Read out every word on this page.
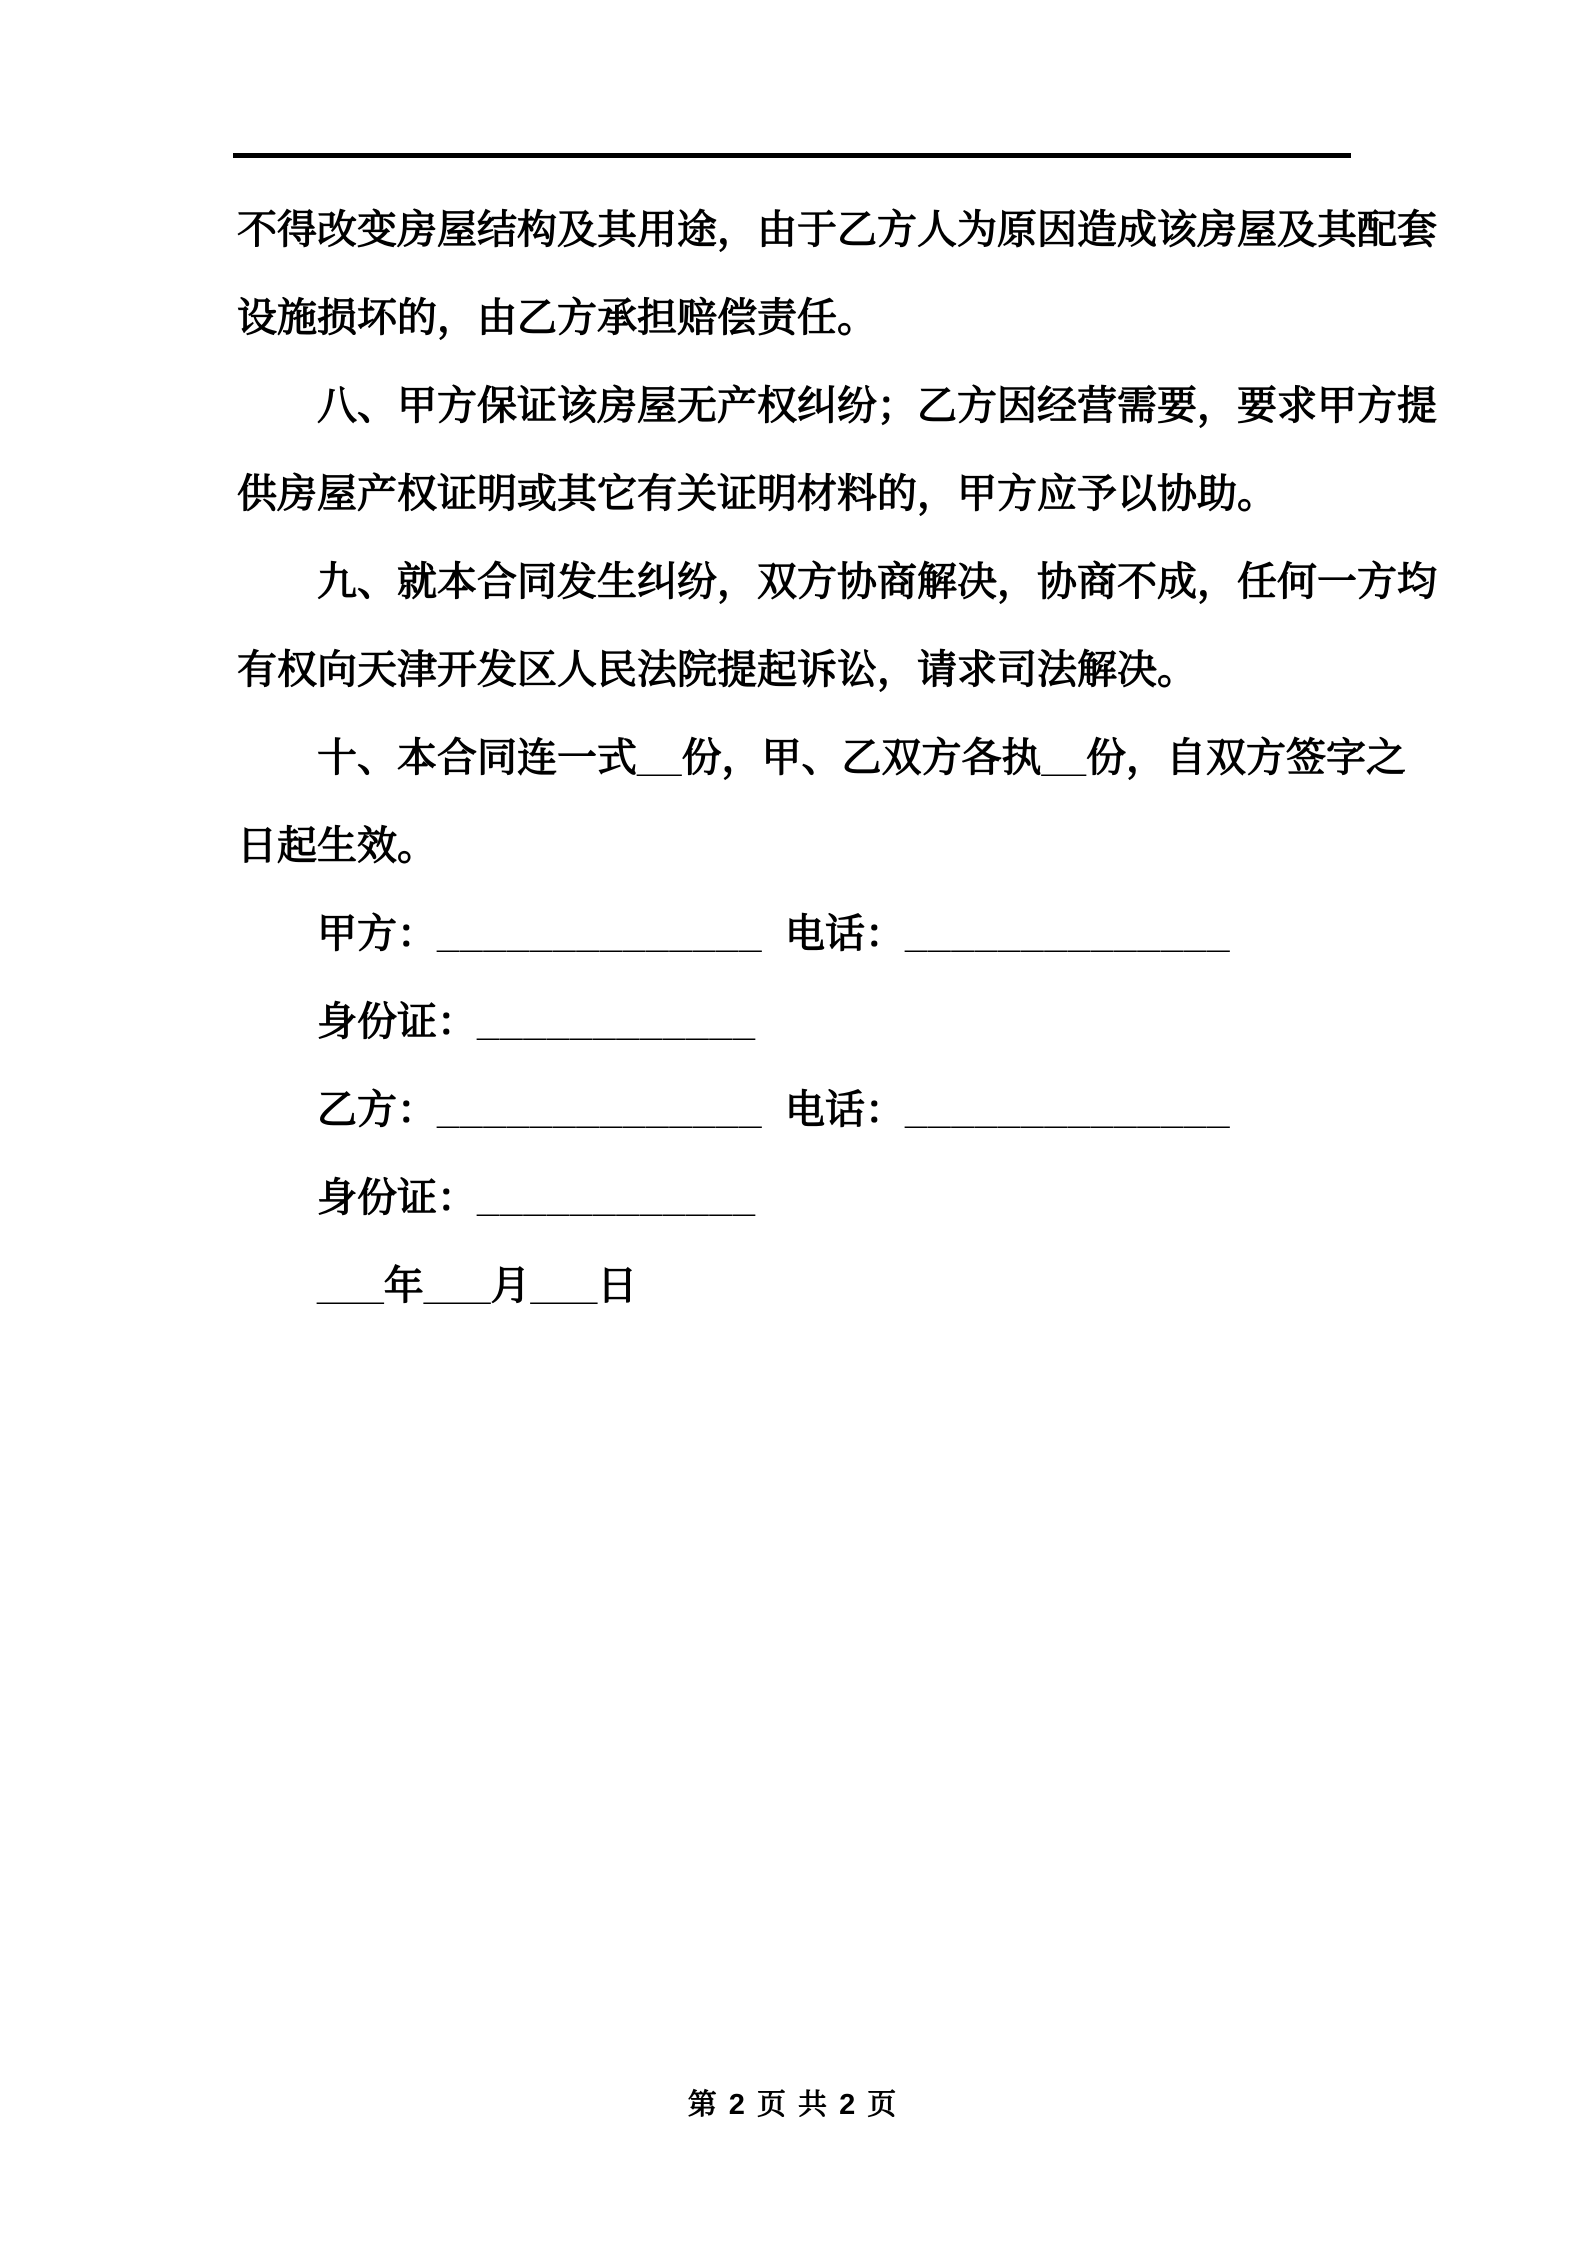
不得改变房屋结构及其用途，由于乙方人为原因造成该房屋及其配套
设施损坏的，由乙方承担赔偿责任。
八、甲方保证该房屋无产权纠纷；乙方因经营需要，要求甲方提
供房屋产权证明或其它有关证明材料的，甲方应予以协助。
九、就本合同发生纠纷，双方协商解决，协商不成，任何一方均
有权向天津开发区人民法院提起诉讼，请求司法解决。
十、本合同连一式__份，甲、乙双方各执__份，自双方签字之
日起生效。
甲方：______________ 电话：______________
身份证：____________
乙方：______________ 电话：______________
身份证：____________
___年___月___日
第 2 页 共 2 页
